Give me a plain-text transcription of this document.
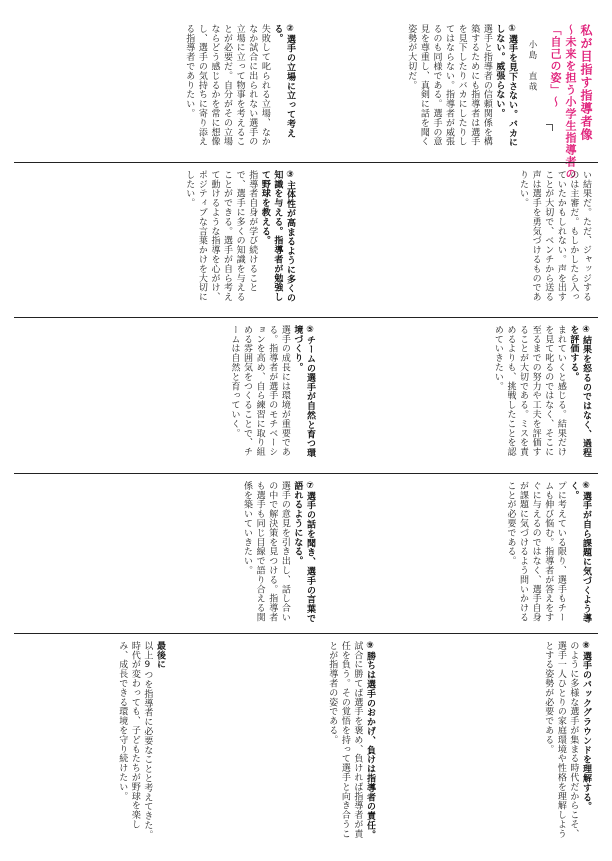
私が目指す指導者像
～未来を担う小学生指導者の
「自己の姿」～
小島　直哉

①選手を見下さない。バカにしない。威張らない。

選手と指導者の信頼関係を構築するためにも指導者は選手を見下したりバカにしたりしてはならない。指導者が威張るのも同様である。選手の意見を尊重し、真剣に話を聞く姿勢が大切だ。

②選手の立場に立って考える。

失敗して叱られる立場、なかなか試合に出られない選手の立場に立って物事を考えることが必要だ。自分がその立場ならどう感じるかを常に想像し、選手の気持ちに寄り添える指導者でありたい。

い結果だ。ただ、ジャッジするのは主審だ。もしかしたら入っていたかもしれない。声を出すことが大切で、ベンチから送る声は選手を勇気づけるものでありたい。

③主体性が高まるように多くの知識を与える。指導者が勉強して野球を教える。

指導者自身が学び続けることで、選手に多くの知識を与えることができる。選手が自ら考えて動けるような指導を心がけ、ポジティブな言葉かけを大切にしたい。

④結果を怒るのではなく、過程を評価する。

まれていくと感じる。結果だけを見て叱るのではなく、そこに至るまでの努力や工夫を評価することが大切である。ミスを責めるよりも、挑戦したことを認めていきたい。

⑤チームの選手が自然と育つ環境づくり。

選手の成長には環境が重要である。指導者が選手のモチベーションを高め、自ら練習に取り組める雰囲気をつくることで、チームは自然と育っていく。

⑥選手が自ら課題に気づくよう導く。

プに考えている限り、選手もチームも伸び悩む。指導者が答えをすぐに与えるのではなく、選手自身が課題に気づけるよう問いかけることが必要である。

⑦選手の話を聞き、選手の言葉で語れるようになる。

選手の意見を引き出し、話し合いの中で解決策を見つける。指導者も選手も同じ目線で語り合える関係を築いていきたい。

⑧選手のバックグラウンドを理解する。

のように多様な選手が集まる時代だからこそ、選手一人ひとりの家庭環境や性格を理解しようとする姿勢が必要である。

⑨勝ちは選手のおかげ、負けは指導者の責任。

試合に勝てば選手を褒め、負ければ指導者が責任を負う。その覚悟を持って選手と向き合うことが指導者の姿である。

最後に

以上9つを指導者に必要なことと考えてきた。時代が変わっても、子どもたちが野球を楽しみ、成長できる環境を守り続けたい。
